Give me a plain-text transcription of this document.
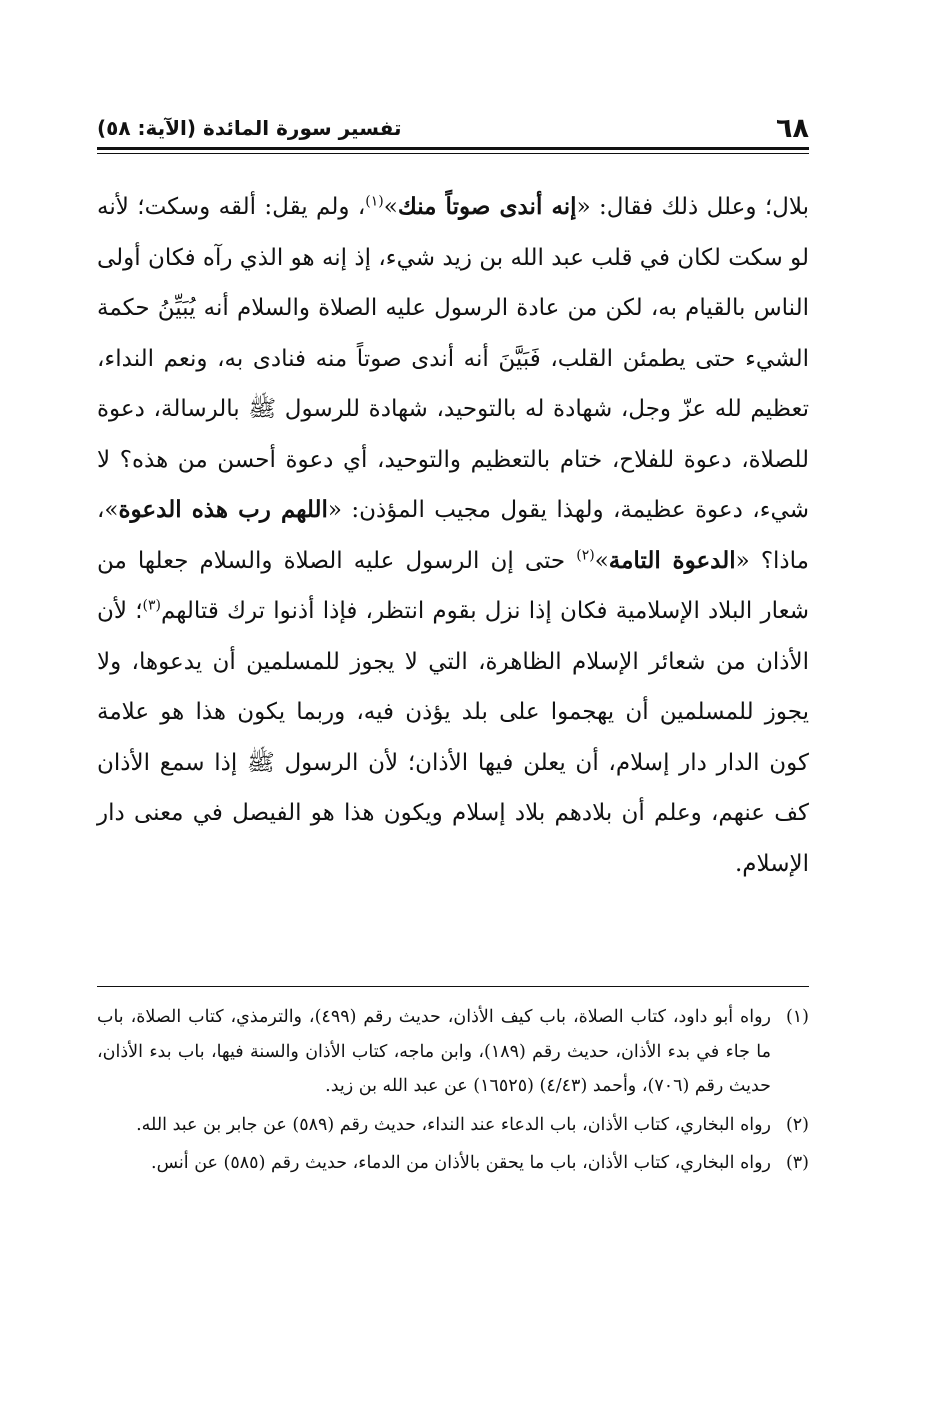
٦٨
تفسير سورة المائدة (الآية: ٥٨)

بلال؛ وعلل ذلك فقال: «إنه أندى صوتاً منك»$^{(١)}$، ولم يقل: ألقه وسكت؛ لأنه لو سكت لكان في قلب عبد الله بن زيد شيء، إذ إنه هو الذي رآه فكان أولى الناس بالقيام به، لكن من عادة الرسول عليه الصلاة والسلام أنه يُبَيِّنُ حكمة الشيء حتى يطمئن القلب، فَبَيَّنَ أنه أندى صوتاً منه فنادى به، ونعم النداء، تعظيم لله عزّ وجل، شهادة له بالتوحيد، شهادة للرسول ﷺ بالرسالة، دعوة للصلاة، دعوة للفلاح، ختام بالتعظيم والتوحيد، أي دعوة أحسن من هذه؟ لا شيء، دعوة عظيمة، ولهذا يقول مجيب المؤذن: «اللهم رب هذه الدعوة»، ماذا؟ «الدعوة التامة»$^{(٢)}$ حتى إن الرسول عليه الصلاة والسلام جعلها من شعار البلاد الإسلامية فكان إذا نزل بقوم انتظر، فإذا أذنوا ترك قتالهم$^{(٣)}$؛ لأن الأذان من شعائر الإسلام الظاهرة، التي لا يجوز للمسلمين أن يدعوها، ولا يجوز للمسلمين أن يهجموا على بلد يؤذن فيه، وربما يكون هذا هو علامة كون الدار دار إسلام، أن يعلن فيها الأذان؛ لأن الرسول ﷺ إذا سمع الأذان كف عنهم، وعلم أن بلادهم بلاد إسلام ويكون هذا هو الفيصل في معنى دار الإسلام.

(١)
رواه أبو داود، كتاب الصلاة، باب كيف الأذان، حديث رقم (٤٩٩)، والترمذي، كتاب الصلاة، باب ما جاء في بدء الأذان، حديث رقم (١٨٩)، وابن ماجه، كتاب الأذان والسنة فيها، باب بدء الأذان، حديث رقم (٧٠٦)، وأحمد (٤/٤٣) (١٦٥٢٥) عن عبد الله بن زيد.
(٢)
رواه البخاري، كتاب الأذان، باب الدعاء عند النداء، حديث رقم (٥٨٩) عن جابر بن عبد الله.
(٣)
رواه البخاري، كتاب الأذان، باب ما يحقن بالأذان من الدماء، حديث رقم (٥٨٥) عن أنس.
